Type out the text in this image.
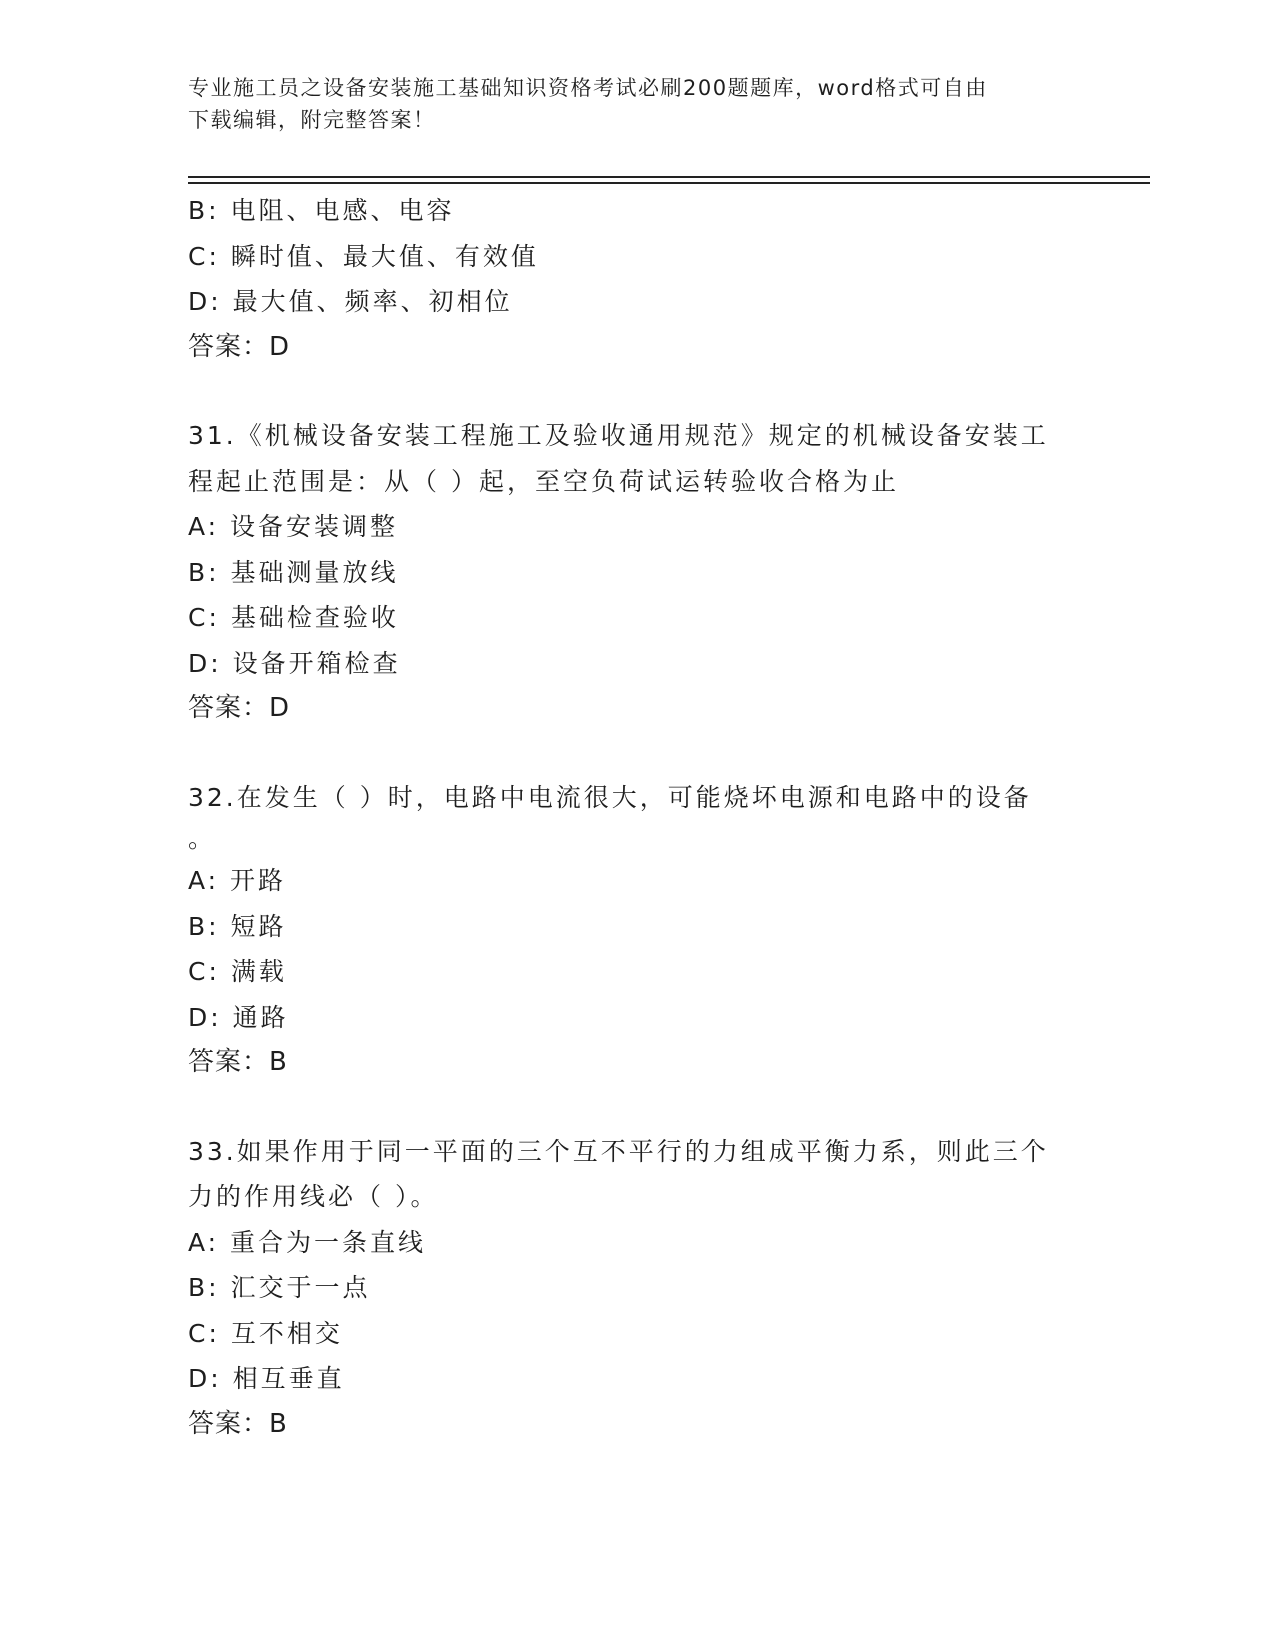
专业施工员之设备安装施工基础知识资格考试必刷200题题库，word格式可自由
下载编辑，附完整答案！
B: 电阻、电感、电容
C: 瞬时值、最大值、有效值
D: 最大值、频率、初相位
答案：D
31.《机械设备安装工程施工及验收通用规范》规定的机械设备安装工
程起止范围是：从（ ）起，至空负荷试运转验收合格为止
A: 设备安装调整
B: 基础测量放线
C: 基础检查验收
D: 设备开箱检查
答案：D
32.在发生（ ）时，电路中电流很大，可能烧坏电源和电路中的设备
。
A: 开路
B: 短路
C: 满载
D: 通路
答案：B
33.如果作用于同一平面的三个互不平行的力组成平衡力系，则此三个
力的作用线必（ ）。
A: 重合为一条直线
B: 汇交于一点
C: 互不相交
D: 相互垂直
答案：B
